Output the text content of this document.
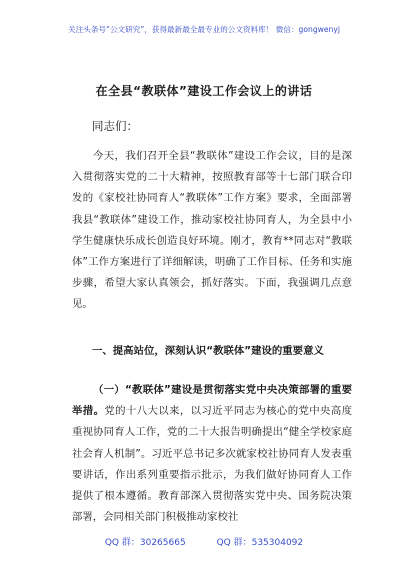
关注头条号“公文研究”，获得最新最全最专业的公文资料库！ 微信：gongwenyj
在全县“教联体”建设工作会议上的讲话
同志们：
今天，我们召开全县“教联体”建设工作会议，目的是深入贯彻落实党的二十大精神，按照教育部等十七部门联合印发的《家校社协同育人“教联体”工作方案》要求，全面部署我县“教联体”建设工作，推动家校社协同育人，为全县中小学生健康快乐成长创造良好环境。刚才，教育**同志对“教联体”工作方案进行了详细解读，明确了工作目标、任务和实施步骤，希望大家认真领会，抓好落实。下面，我强调几点意见。
一、提高站位，深刻认识“教联体”建设的重要意义
（一）“教联体”建设是贯彻落实党中央决策部署的重要举措。党的十八大以来，以习近平同志为核心的党中央高度重视协同育人工作，党的二十大报告明确提出“健全学校家庭社会育人机制”。习近平总书记多次就家校社协同育人发表重要讲话，作出系列重要指示批示，为我们做好协同育人工作提供了根本遵循。教育部深入贯彻落实党中央、国务院决策部署，会同相关部门积极推动家校社
QQ 群：30265665	QQ 群：535304092
